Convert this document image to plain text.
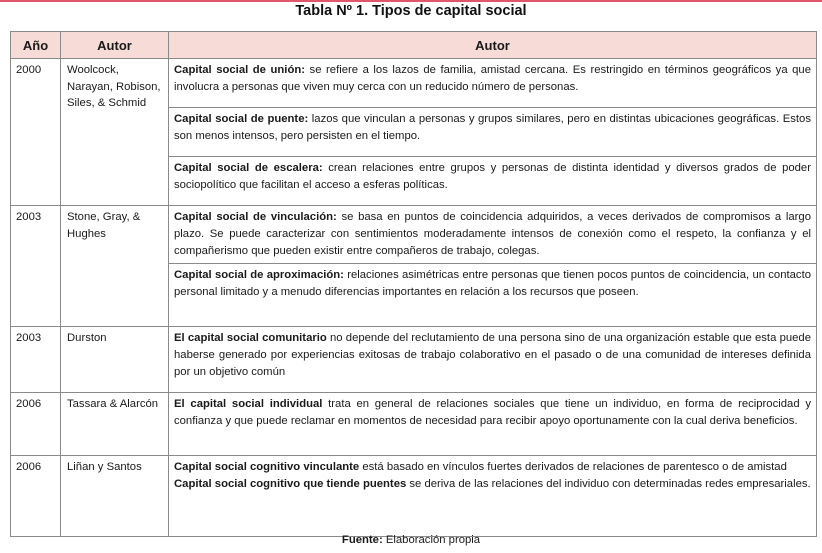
Tabla Nº 1. Tipos de capital social
Año	Autor	Autor
2000	Woolcock, Narayan, Robison, Siles, & Schmid	Capital social de unión: se refiere a los lazos de familia, amistad cercana. Es restringido en términos geográficos ya que involucra a personas que viven muy cerca con un reducido número de personas.
		Capital social de puente: lazos que vinculan a personas y grupos similares, pero en distintas ubicaciones geográficas. Estos son menos intensos, pero persisten en el tiempo.
		Capital social de escalera: crean relaciones entre grupos y personas de distinta identidad y diversos grados de poder sociopolítico que facilitan el acceso a esferas políticas.
2003	Stone, Gray, & Hughes	Capital social de vinculación: se basa en puntos de coincidencia adquiridos, a veces derivados de compromisos a largo plazo. Se puede caracterizar con sentimientos moderadamente intensos de conexión como el respeto, la confianza y el compañerismo que pueden existir entre compañeros de trabajo, colegas.
		Capital social de aproximación: relaciones asimétricas entre personas que tienen pocos puntos de coincidencia, un contacto personal limitado y a menudo diferencias importantes en relación a los recursos que poseen.
2003	Durston	El capital social comunitario no depende del reclutamiento de una persona sino de una organización estable que esta puede haberse generado por experiencias exitosas de trabajo colaborativo en el pasado o de una comunidad de intereses definida por un objetivo común
2006	Tassara & Alarcón	El capital social individual trata en general de relaciones sociales que tiene un individuo, en forma de reciprocidad y confianza y que puede reclamar en momentos de necesidad para recibir apoyo oportunamente con la cual deriva beneficios.
2006	Liñan y Santos	Capital social cognitivo vinculante está basado en vínculos fuertes derivados de relaciones de parentesco o de amistad
Capital social cognitivo que tiende puentes se deriva de las relaciones del individuo con determinadas redes empresariales.
Fuente: Elaboración propia
